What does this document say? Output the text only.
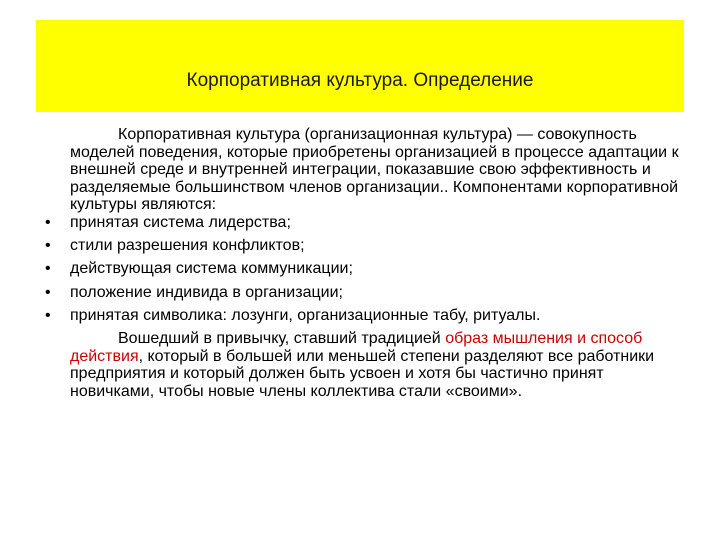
Корпоративная культура. Определение

Корпоративная культура (организационная культура) — совокупность моделей поведения, которые приобретены организацией в процессе адаптации к внешней среде и внутренней интеграции, показавшие свою эффективность и разделяемые большинством членов организации.. Компонентами корпоративной культуры являются:

• принятая система лидерства;
• стили разрешения конфликтов;
• действующая система коммуникации;
• положение индивида в организации;
• принятая символика: лозунги, организационные табу, ритуалы.

Вошедший в привычку, ставший традицией образ мышления и способ действия, который в большей или меньшей степени разделяют все работники предприятия и который должен быть усвоен и хотя бы частично принят новичками, чтобы новые члены коллектива стали «своими».
